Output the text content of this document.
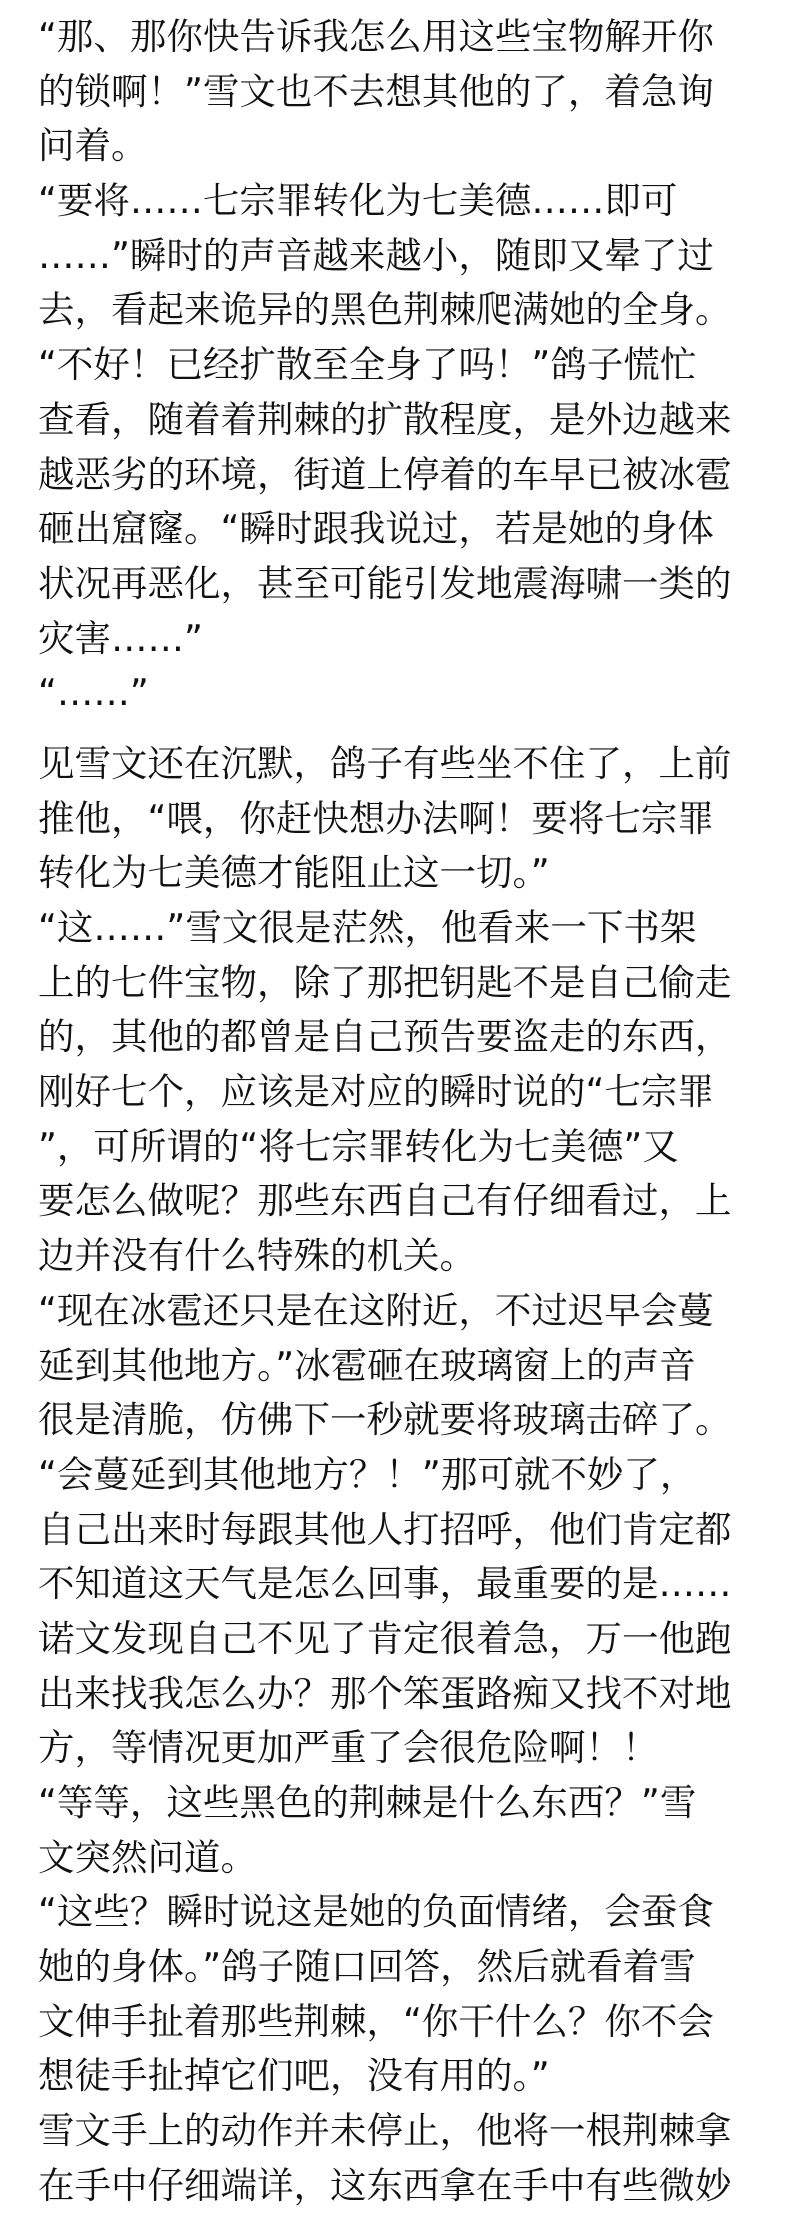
“那、那你快告诉我怎么用这些宝物解开你
的锁啊！”雪文也不去想其他的了，着急询
问着。
“要将……七宗罪转化为七美德……即可
……”瞬时的声音越来越小，随即又晕了过
去，看起来诡异的黑色荆棘爬满她的全身。
“不好！已经扩散至全身了吗！”鸽子慌忙
查看，随着着荆棘的扩散程度，是外边越来
越恶劣的环境，街道上停着的车早已被冰雹
砸出窟窿。“瞬时跟我说过，若是她的身体
状况再恶化，甚至可能引发地震海啸一类的
灾害……”
“……”
见雪文还在沉默，鸽子有些坐不住了，上前
推他，“喂，你赶快想办法啊！要将七宗罪
转化为七美德才能阻止这一切。”
“这……”雪文很是茫然，他看来一下书架
上的七件宝物，除了那把钥匙不是自己偷走
的，其他的都曾是自己预告要盗走的东西，
刚好七个，应该是对应的瞬时说的“七宗罪
”，可所谓的“将七宗罪转化为七美德”又
要怎么做呢？那些东西自己有仔细看过，上
边并没有什么特殊的机关。
“现在冰雹还只是在这附近，不过迟早会蔓
延到其他地方。”冰雹砸在玻璃窗上的声音
很是清脆，仿佛下一秒就要将玻璃击碎了。
“会蔓延到其他地方？！”那可就不妙了，
自己出来时每跟其他人打招呼，他们肯定都
不知道这天气是怎么回事，最重要的是……
诺文发现自己不见了肯定很着急，万一他跑
出来找我怎么办？那个笨蛋路痴又找不对地
方，等情况更加严重了会很危险啊！！
“等等，这些黑色的荆棘是什么东西？”雪
文突然问道。
“这些？瞬时说这是她的负面情绪，会蚕食
她的身体。”鸽子随口回答，然后就看着雪
文伸手扯着那些荆棘，“你干什么？你不会
想徒手扯掉它们吧，没有用的。”
雪文手上的动作并未停止，他将一根荆棘拿
在手中仔细端详，这东西拿在手中有些微妙
